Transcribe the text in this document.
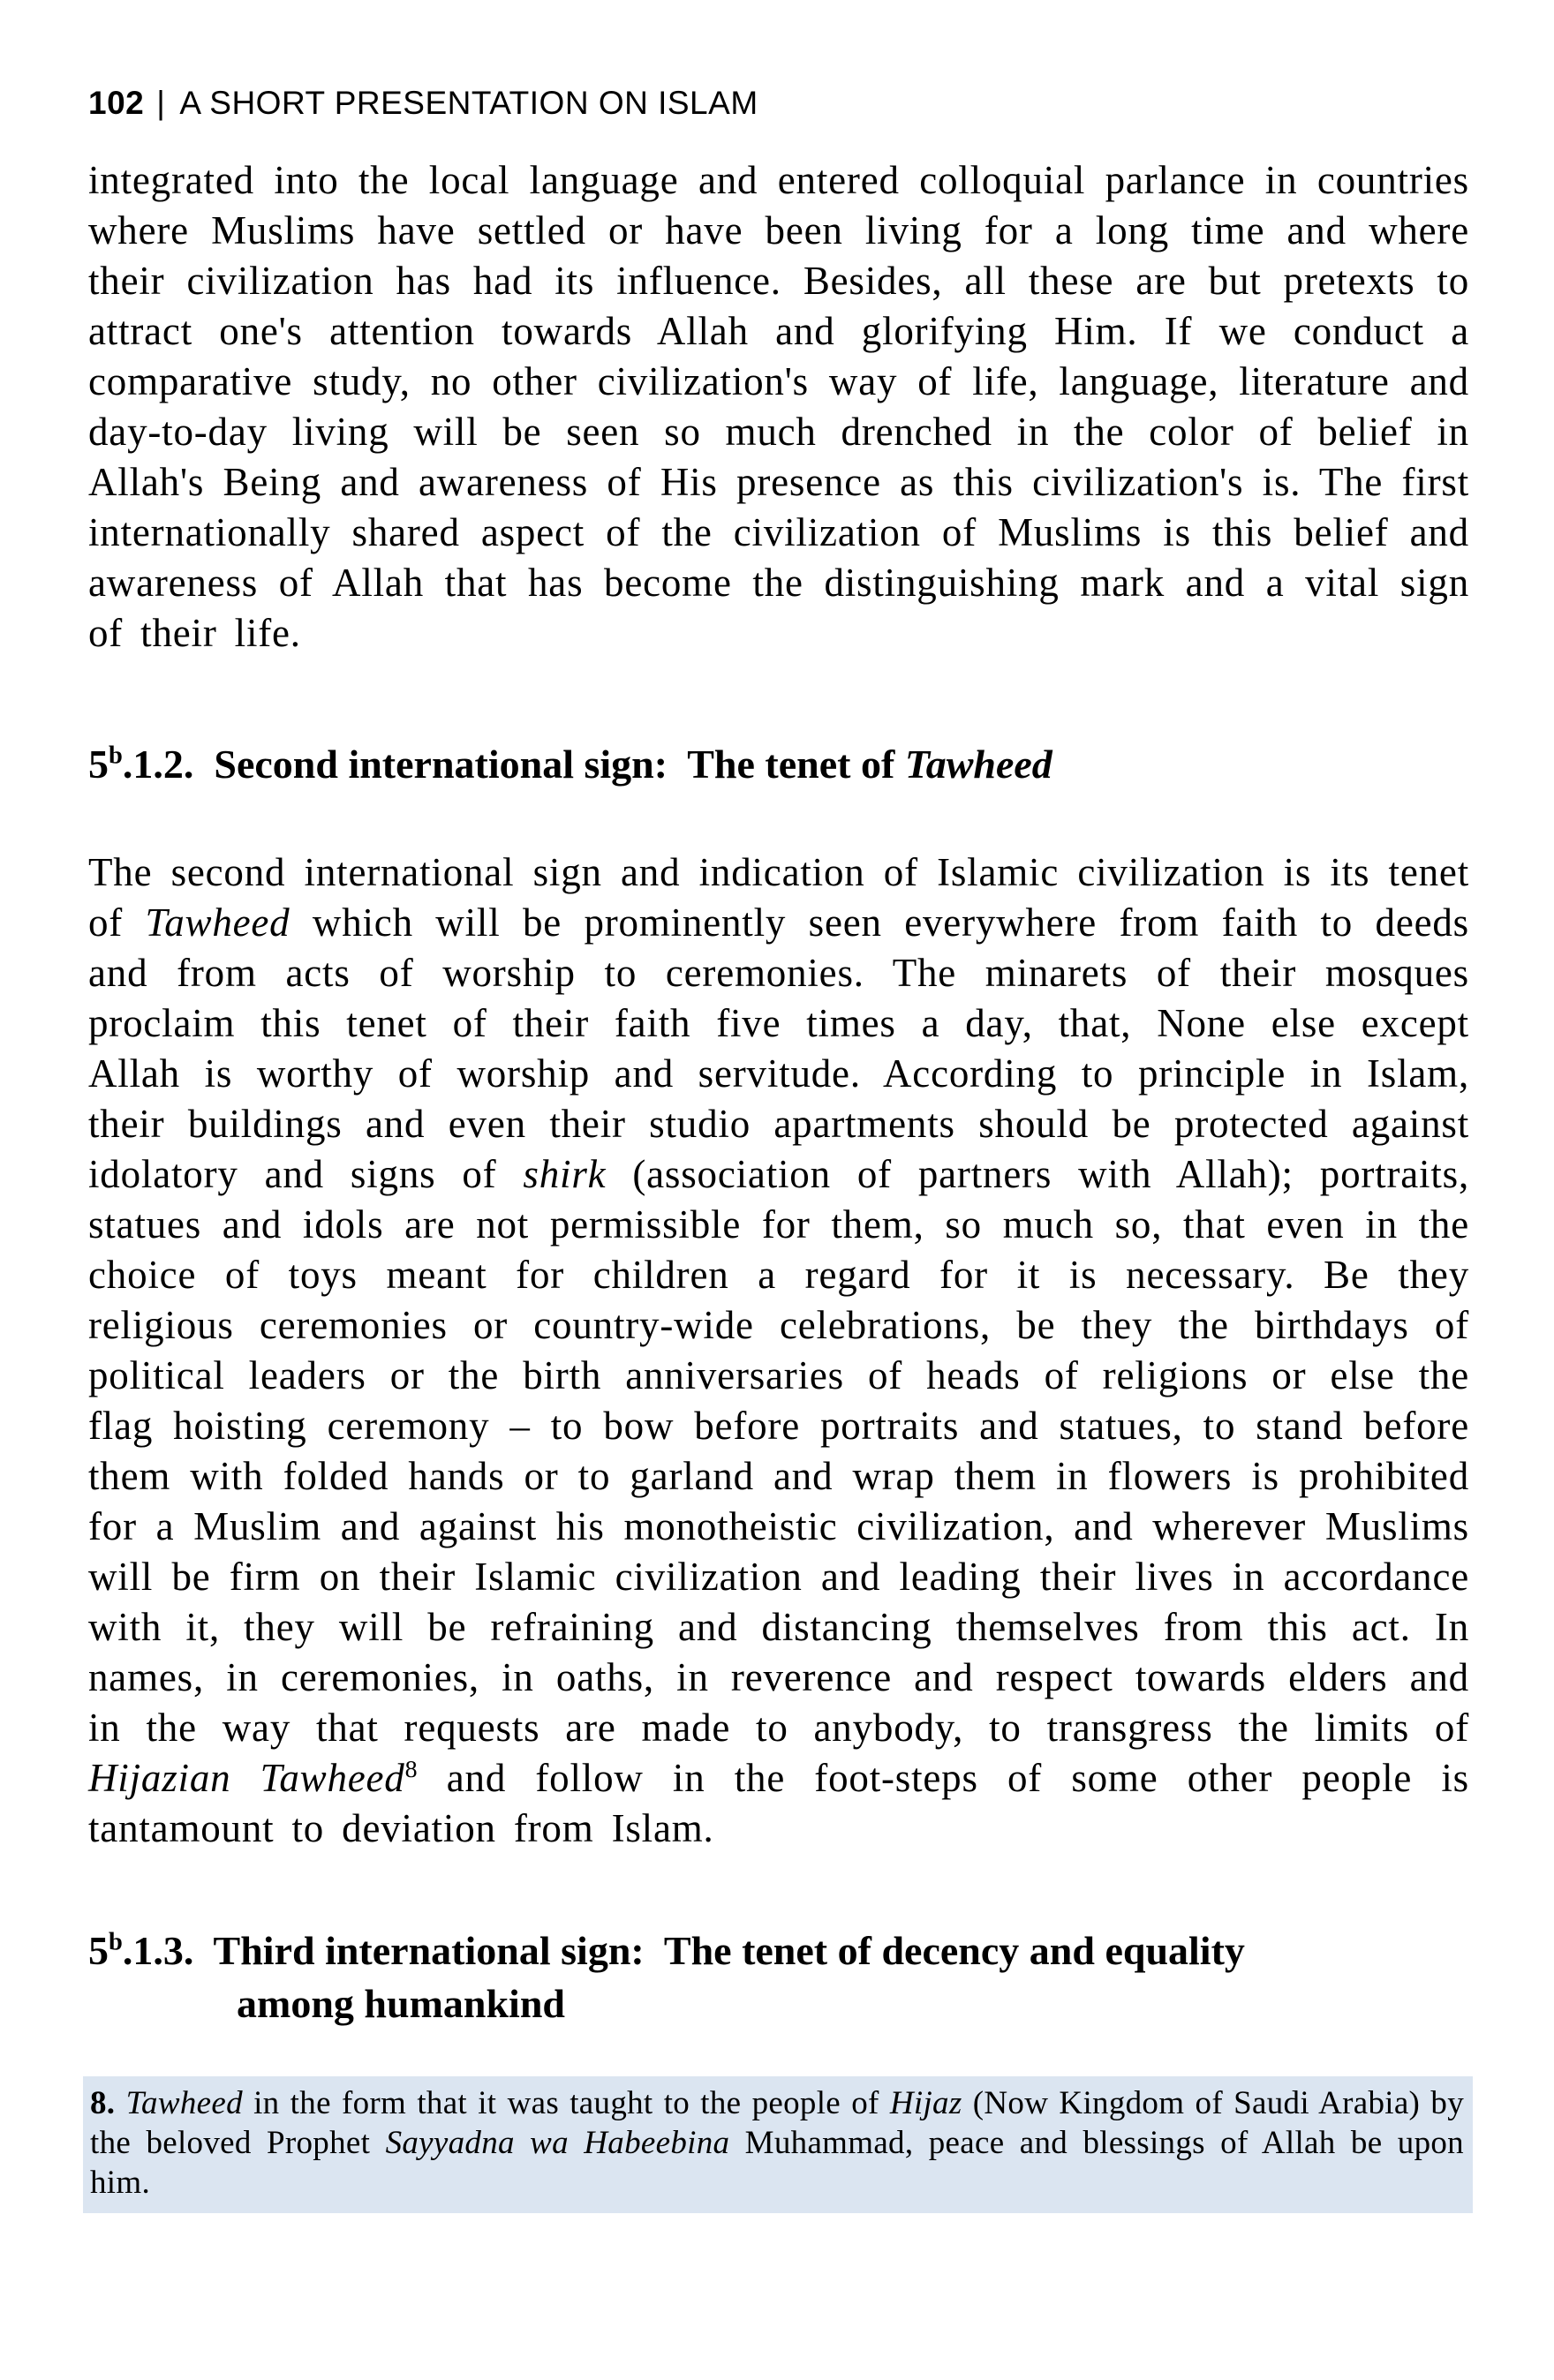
102 | A SHORT PRESENTATION ON ISLAM
integrated into the local language and entered colloquial parlance in countries where Muslims have settled or have been living for a long time and where their civilization has had its influence. Besides, all these are but pretexts to attract one's attention towards Allah and glorifying Him. If we conduct a comparative study, no other civilization's way of life, language, literature and day-to-day living will be seen so much drenched in the color of belief in Allah's Being and awareness of His presence as this civilization's is. The first internationally shared aspect of the civilization of Muslims is this belief and awareness of Allah that has become the distinguishing mark and a vital sign of their life.
5$^b$.1.2.  Second international sign:  The tenet of Tawheed
The second international sign and indication of Islamic civilization is its tenet of Tawheed which will be prominently seen everywhere from faith to deeds and from acts of worship to ceremonies. The minarets of their mosques proclaim this tenet of their faith five times a day, that, None else except Allah is worthy of worship and servitude. According to principle in Islam, their buildings and even their studio apartments should be protected against idolatory and signs of shirk (association of partners with Allah); portraits, statues and idols are not permissible for them, so much so, that even in the choice of toys meant for children a regard for it is necessary. Be they religious ceremonies or country-wide celebrations, be they the birthdays of political leaders or the birth anniversaries of heads of religions or else the flag hoisting ceremony – to bow before portraits and statues, to stand before them with folded hands or to garland and wrap them in flowers is prohibited for a Muslim and against his monotheistic civilization, and wherever Muslims will be firm on their Islamic civilization and leading their lives in accordance with it, they will be refraining and distancing themselves from this act. In names, in ceremonies, in oaths, in reverence and respect towards elders and in the way that requests are made to anybody, to transgress the limits of Hijazian Tawheed$^8$ and follow in the foot-steps of some other people is tantamount to deviation from Islam.
5$^b$.1.3.  Third international sign:  The tenet of decency and equality
among humankind
8. Tawheed in the form that it was taught to the people of Hijaz (Now Kingdom of Saudi Arabia) by the beloved Prophet Sayyadna wa Habeebina Muhammad, peace and blessings of Allah be upon him.
